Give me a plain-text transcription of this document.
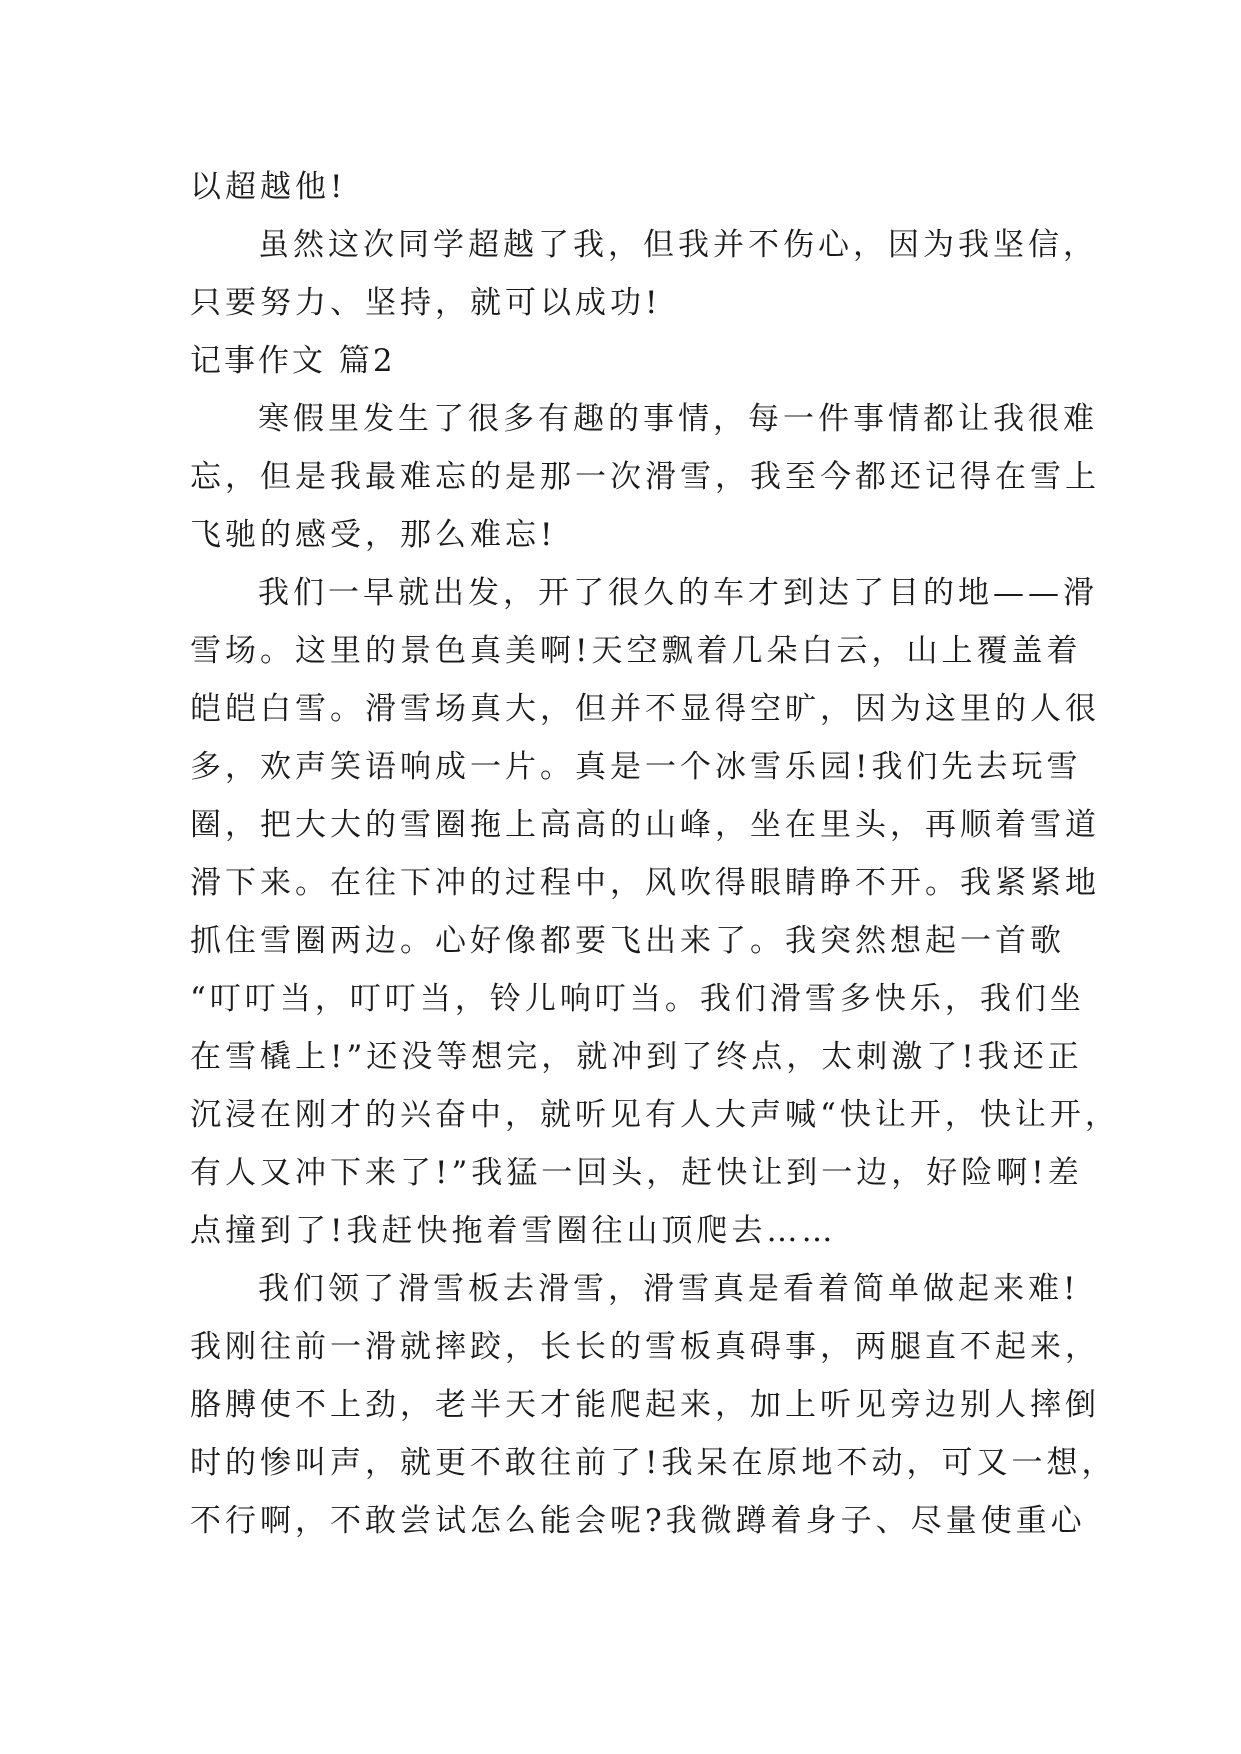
以超越他!
虽然这次同学超越了我，但我并不伤心，因为我坚信，
只要努力、坚持，就可以成功!
记事作文 篇2
寒假里发生了很多有趣的事情，每一件事情都让我很难
忘，但是我最难忘的是那一次滑雪，我至今都还记得在雪上
飞驰的感受，那么难忘!
我们一早就出发，开了很久的车才到达了目的地——滑
雪场。这里的景色真美啊!天空飘着几朵白云，山上覆盖着
皑皑白雪。滑雪场真大，但并不显得空旷，因为这里的人很
多，欢声笑语响成一片。真是一个冰雪乐园!我们先去玩雪
圈，把大大的雪圈拖上高高的山峰，坐在里头，再顺着雪道
滑下来。在往下冲的过程中，风吹得眼睛睁不开。我紧紧地
抓住雪圈两边。心好像都要飞出来了。我突然想起一首歌
“叮叮当，叮叮当，铃儿响叮当。我们滑雪多快乐，我们坐
在雪橇上!”还没等想完，就冲到了终点，太刺激了!我还正
沉浸在刚才的兴奋中，就听见有人大声喊“快让开，快让开，
有人又冲下来了!”我猛一回头，赶快让到一边，好险啊!差
点撞到了!我赶快拖着雪圈往山顶爬去……
我们领了滑雪板去滑雪，滑雪真是看着简单做起来难!
我刚往前一滑就摔跤，长长的雪板真碍事，两腿直不起来，
胳膊使不上劲，老半天才能爬起来，加上听见旁边别人摔倒
时的惨叫声，就更不敢往前了!我呆在原地不动，可又一想，
不行啊，不敢尝试怎么能会呢?我微蹲着身子、尽量使重心
